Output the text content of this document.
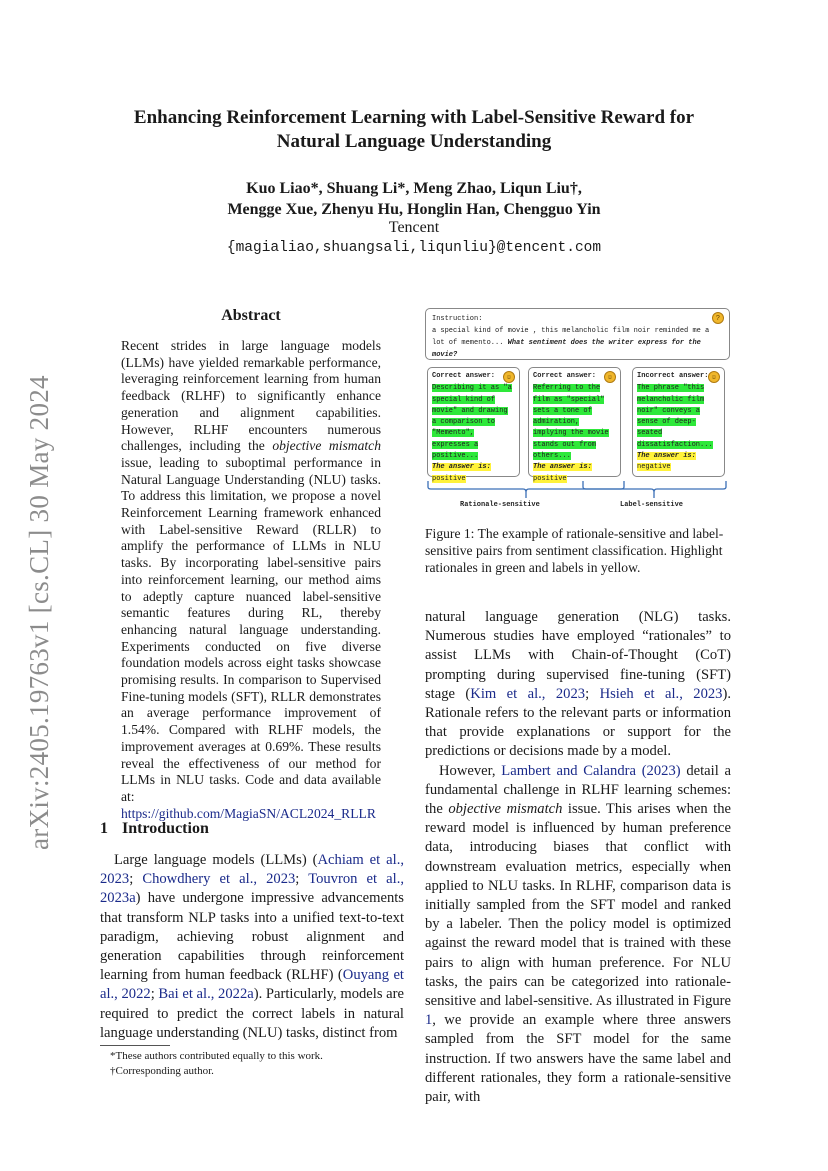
arXiv:2405.19763v1 [cs.CL] 30 May 2024
Enhancing Reinforcement Learning with Label-Sensitive Reward for
Natural Language Understanding
Kuo Liao*, Shuang Li*, Meng Zhao, Liqun Liu†,
Mengge Xue, Zhenyu Hu, Honglin Han, Chengguo Yin
Tencent
{magialiao,shuangsali,liqunliu}@tencent.com
Abstract
Recent strides in large language models (LLMs) have yielded remarkable performance, leveraging reinforcement learning from human feedback (RLHF) to significantly enhance generation and alignment capabilities. However, RLHF encounters numerous challenges, including the objective mismatch issue, leading to suboptimal performance in Natural Language Understanding (NLU) tasks. To address this limitation, we propose a novel Reinforcement Learning framework enhanced with Label-sensitive Reward (RLLR) to amplify the performance of LLMs in NLU tasks. By incorporating label-sensitive pairs into reinforcement learning, our method aims to adeptly capture nuanced label-sensitive semantic features during RL, thereby enhancing natural language understanding. Experiments conducted on five diverse foundation models across eight tasks showcase promising results. In comparison to Supervised Fine-tuning models (SFT), RLLR demonstrates an average performance improvement of 1.54%. Compared with RLHF models, the improvement averages at 0.69%. These results reveal the effectiveness of our method for LLMs in NLU tasks. Code and data available at: https://github.com/MagiaSN/ACL2024_RLLR
1 Introduction

Large language models (LLMs) (Achiam et al., 2023; Chowdhery et al., 2023; Touvron et al., 2023a) have undergone impressive advancements that transform NLP tasks into a unified text-to-text paradigm, achieving robust alignment and generation capabilities through reinforcement learning from human feedback (RLHF) (Ouyang et al., 2022; Bai et al., 2022a). Particularly, models are required to predict the correct labels in natural language understanding (NLU) tasks, distinct from

*These authors contributed equally to this work.
†Corresponding author.
?
Instruction:
a special kind of movie , this melancholic film noir reminded me a lot of memento... What sentiment does the writer express for the movie?
☺
Correct answer:
Describing it as "a special kind of movie" and drawing a comparison to "Memento", expresses a positive...
The answer is:
positive
☺
Correct answer:
Referring to the film as "special" sets a tone of admiration, implying the movie stands out from others...
The answer is:
positive
☺
Incorrect answer:
The phrase "this melancholic film noir" conveys a sense of deep-seated dissatisfaction...
The answer is:
negative
Rationale-sensitive	Label-sensitive
Figure 1: The example of rationale-sensitive and label-sensitive pairs from sentiment classification. Highlight rationales in green and labels in yellow.

natural language generation (NLG) tasks. Numerous studies have employed “rationales” to assist LLMs with Chain-of-Thought (CoT) prompting during supervised fine-tuning (SFT) stage (Kim et al., 2023; Hsieh et al., 2023). Rationale refers to the relevant parts or information that provide explanations or support for the predictions or decisions made by a model.

However, Lambert and Calandra (2023) detail a fundamental challenge in RLHF learning schemes: the objective mismatch issue. This arises when the reward model is influenced by human preference data, introducing biases that conflict with downstream evaluation metrics, especially when applied to NLU tasks. In RLHF, comparison data is initially sampled from the SFT model and ranked by a labeler. Then the policy model is optimized against the reward model that is trained with these pairs to align with human preference. For NLU tasks, the pairs can be categorized into rationale-sensitive and label-sensitive. As illustrated in Figure 1, we provide an example where three answers sampled from the SFT model for the same instruction. If two answers have the same label and different rationales, they form a rationale-sensitive pair, with
